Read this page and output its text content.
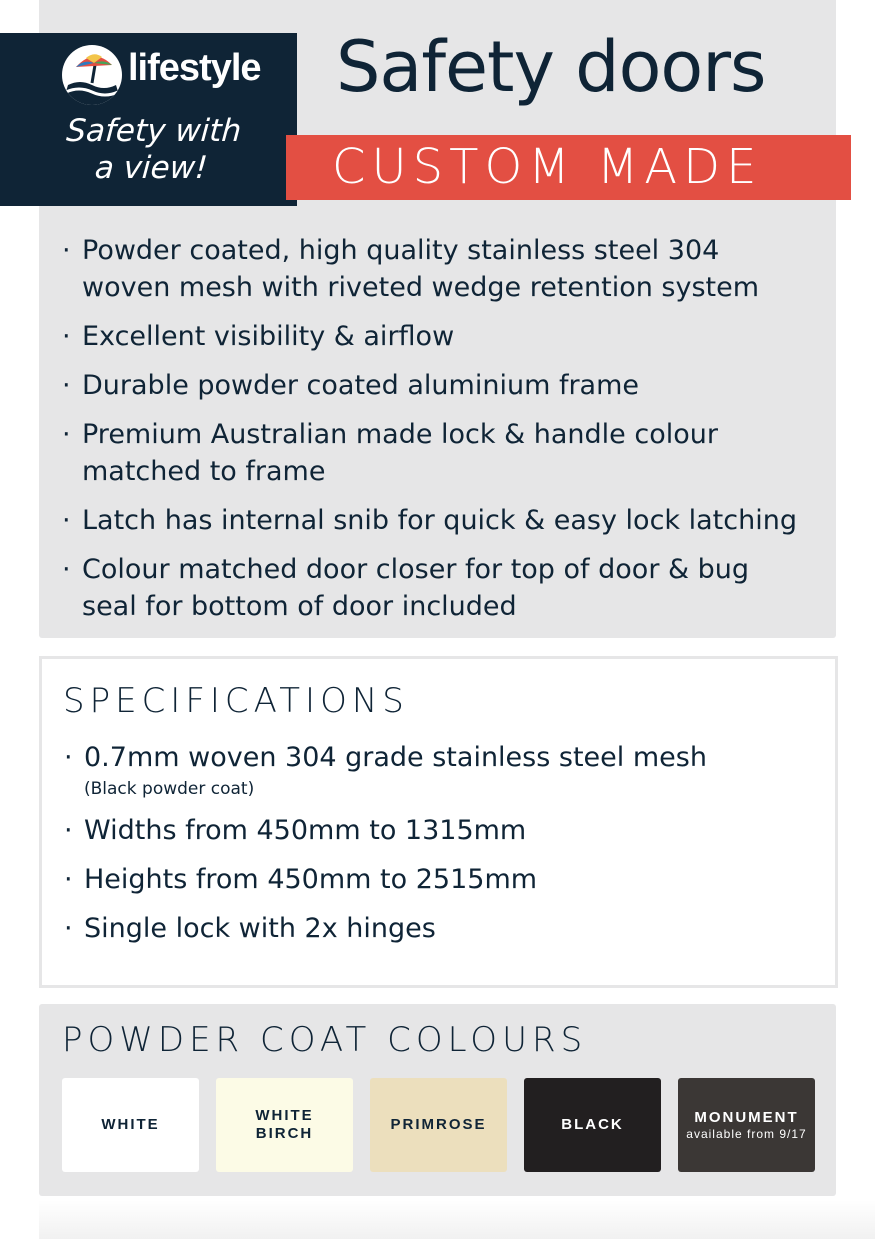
lifestyle
Safety with
a view!
Safety doors
CUSTOM MADE
· Powder coated, high quality stainless steel 304
woven mesh with riveted wedge retention system
· Excellent visibility & airflow
· Durable powder coated aluminium frame
· Premium Australian made lock & handle colour
matched to frame
· Latch has internal snib for quick & easy lock latching
· Colour matched door closer for top of door & bug
seal for bottom of door included
SPECIFICATIONS
· 0.7mm woven 304 grade stainless steel mesh
(Black powder coat)
· Widths from 450mm to 1315mm
· Heights from 450mm to 2515mm
· Single lock with 2x hinges
POWDER COAT COLOURS
WHITE
WHITE
BIRCH
PRIMROSE	BLACK	MONUMENT
available from 9/17
